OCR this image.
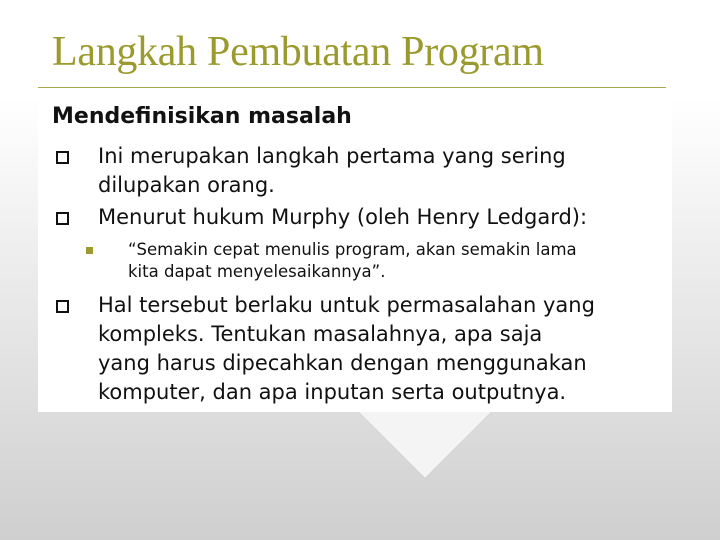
Langkah Pembuatan Program
Mendefinisikan masalah
Ini merupakan langkah pertama yang sering
dilupakan orang.
Menurut hukum Murphy (oleh Henry Ledgard):
“Semakin cepat menulis program, akan semakin lama
kita dapat menyelesaikannya”.
Hal tersebut berlaku untuk permasalahan yang
kompleks. Tentukan masalahnya, apa saja
yang harus dipecahkan dengan menggunakan
komputer, dan apa inputan serta outputnya.
